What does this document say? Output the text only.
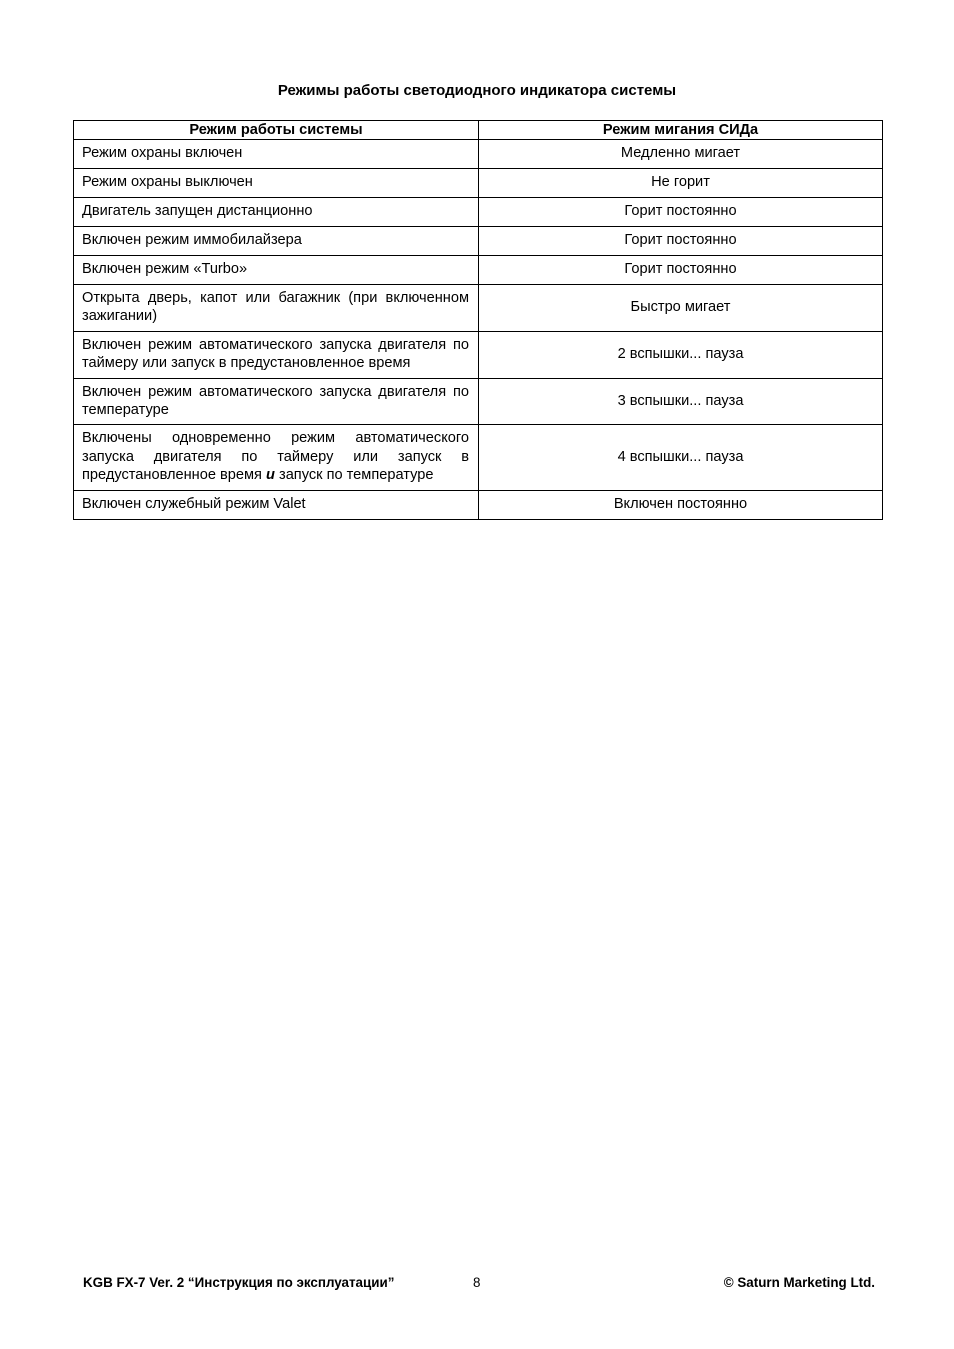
Режимы работы светодиодного индикатора системы
Режим работы системы	Режим мигания СИДа
Режим охраны включен	Медленно мигает
Режим охраны выключен	Не горит
Двигатель запущен дистанционно	Горит постоянно
Включен режим иммобилайзера	Горит постоянно
Включен режим «Turbo»	Горит постоянно
Открыта дверь, капот или багажник (при включенном зажигании)	Быстро мигает
Включен режим автоматического запуска двигателя по таймеру или запуск в предустановленное время	2 вспышки... пауза
Включен режим автоматического запуска двигателя по температуре	3 вспышки... пауза
Включены одновременно режим автоматического запуска двигателя по таймеру или запуск в предустановленное время и запуск по температуре	4 вспышки... пауза
Включен служебный режим Valet	Включен постоянно
KGB FX-7 Ver. 2 “Инструкция по эксплуатации”	8	© Saturn Marketing Ltd.
